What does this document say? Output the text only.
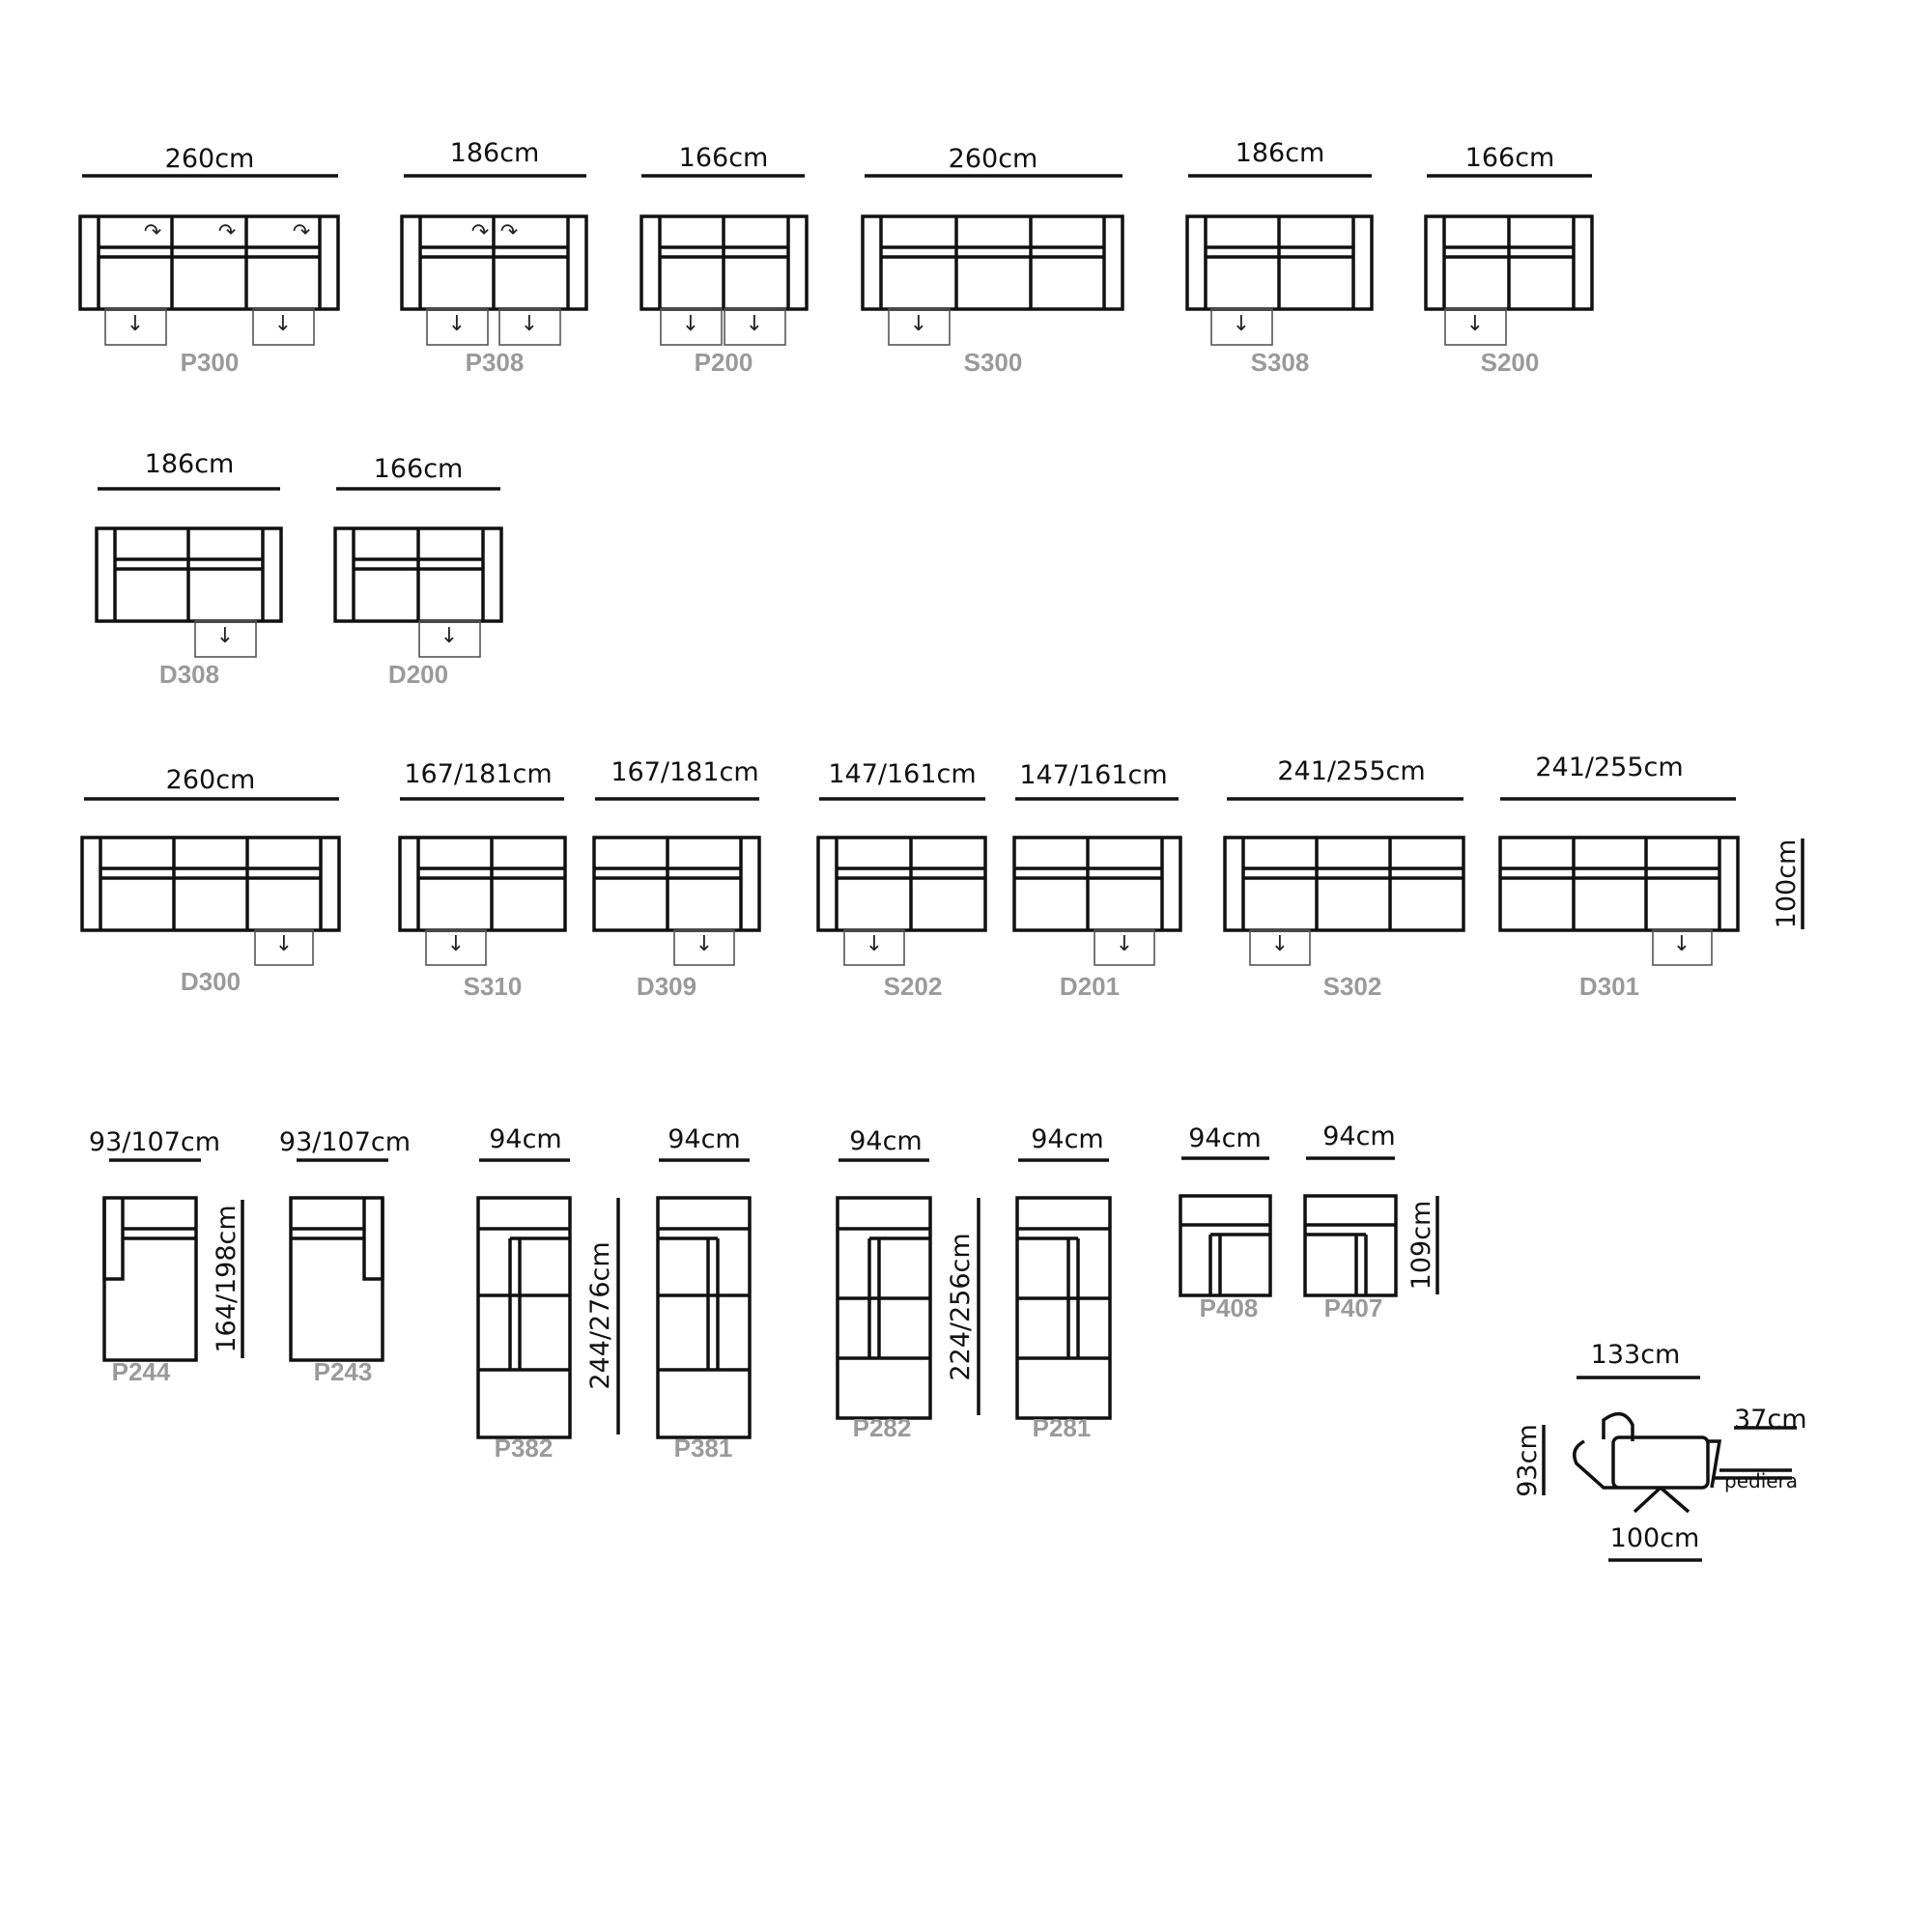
260cm
↓	↓
↷	↷	↷
P300
186cm
↓	↓
↷ ↷
P308
166cm
↓ ↓
P200
260cm
↓
S300
186cm
↓
S308
166cm
↓
S200
186cm
↓
D308
166cm
↓
D200
260cm
↓
D300
167/181cm
↓
S310
167/181cm
↓
D309
147/161cm
↓
S202
147/161cm
↓
D201
241/255cm
↓
S302
241/255cm
↓
D301
100cm
93/107cm
164/198cm
P244
93/107cm
P243
94cm
244/276cm
P382
94cm
P381
94cm
224/256cm
P282
94cm
P281
94cm
P408
94cm
109cm
P407
133cm
93cm
37cm
pediera
100cm
